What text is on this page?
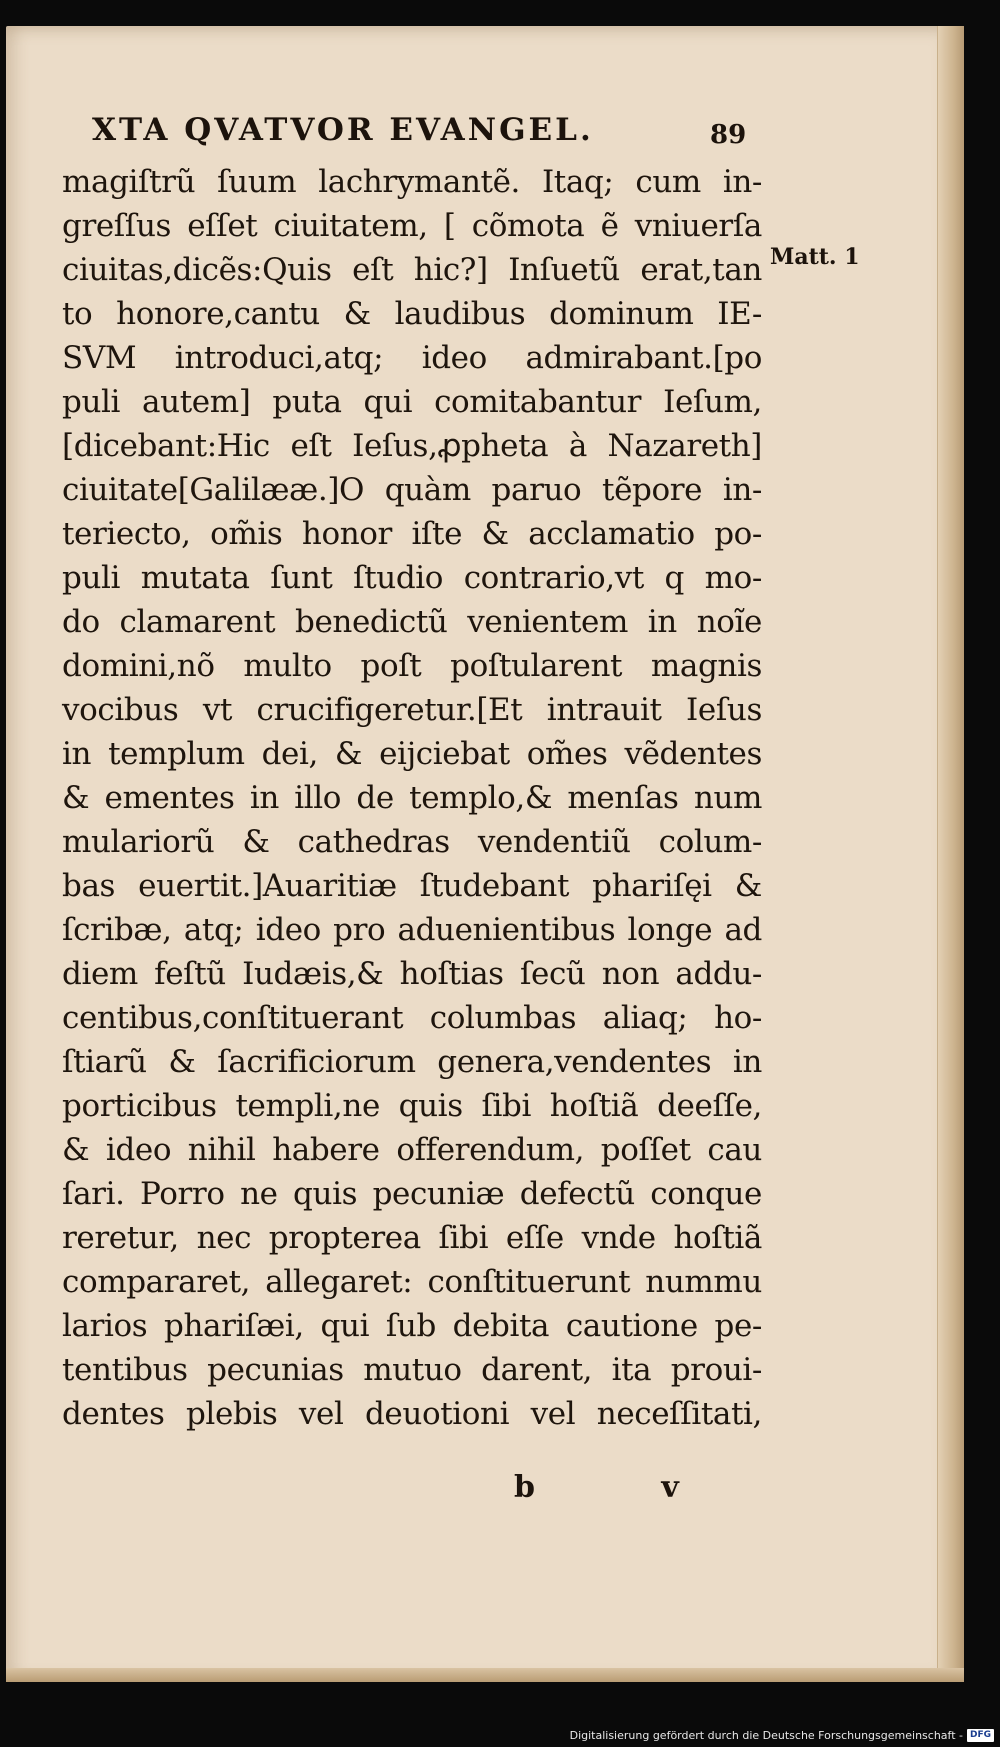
XTA QVATVOR EVANGEL.	89
Matt. 1
magiſtrũ ſuum lachrymantẽ. Itaq; cum in-
greſſus eſſet ciuitatem, [ cõmota ẽ vniuerſa
ciuitas,dicẽs:Quis eſt hic?] Inſuetũ erat,tan
to honore,cantu & laudibus dominum IE-
SVM introduci,atq; ideo admirabant.[po
puli autem] puta qui comitabantur Ieſum,
[dicebant:Hic eſt Ieſus,ꝓpheta à Nazareth]
ciuitate[Galilææ.]O quàm paruo tẽpore in-
teriecto, om̃is honor iſte & acclamatio po-
puli mutata ſunt ſtudio contrario,vt q mo-
do clamarent benedictũ venientem in noĩe
domini,nõ multo poſt poſtularent magnis
vocibus vt crucifigeretur.[Et intrauit Ieſus
in templum dei, & eijciebat om̃es vẽdentes
& ementes in illo de templo,& menſas num
mulariorũ & cathedras vendentiũ colum-
bas euertit.]Auaritiæ ſtudebant phariſęi &
ſcribæ, atq; ideo pro aduenientibus longe ad
diem feſtũ Iudæis,& hoſtias ſecũ non addu-
centibus,conſtituerant columbas aliaq; ho-
ſtiarũ & ſacrificiorum genera,vendentes in
porticibus templi,ne quis ſibi hoſtiã deeſſe,
& ideo nihil habere offerendum, poſſet cau
ſari. Porro ne quis pecuniæ defectũ conque
reretur, nec propterea ſibi eſſe vnde hoſtiã
compararet, allegaret: conſtituerunt nummu
larios phariſæi, qui ſub debita cautione pe-
tentibus pecunias mutuo darent, ita proui-
dentes plebis vel deuotioni vel neceſſitati,
b v
Digitalisierung gefördert durch die Deutsche Forschungsgemeinschaft - DFG
